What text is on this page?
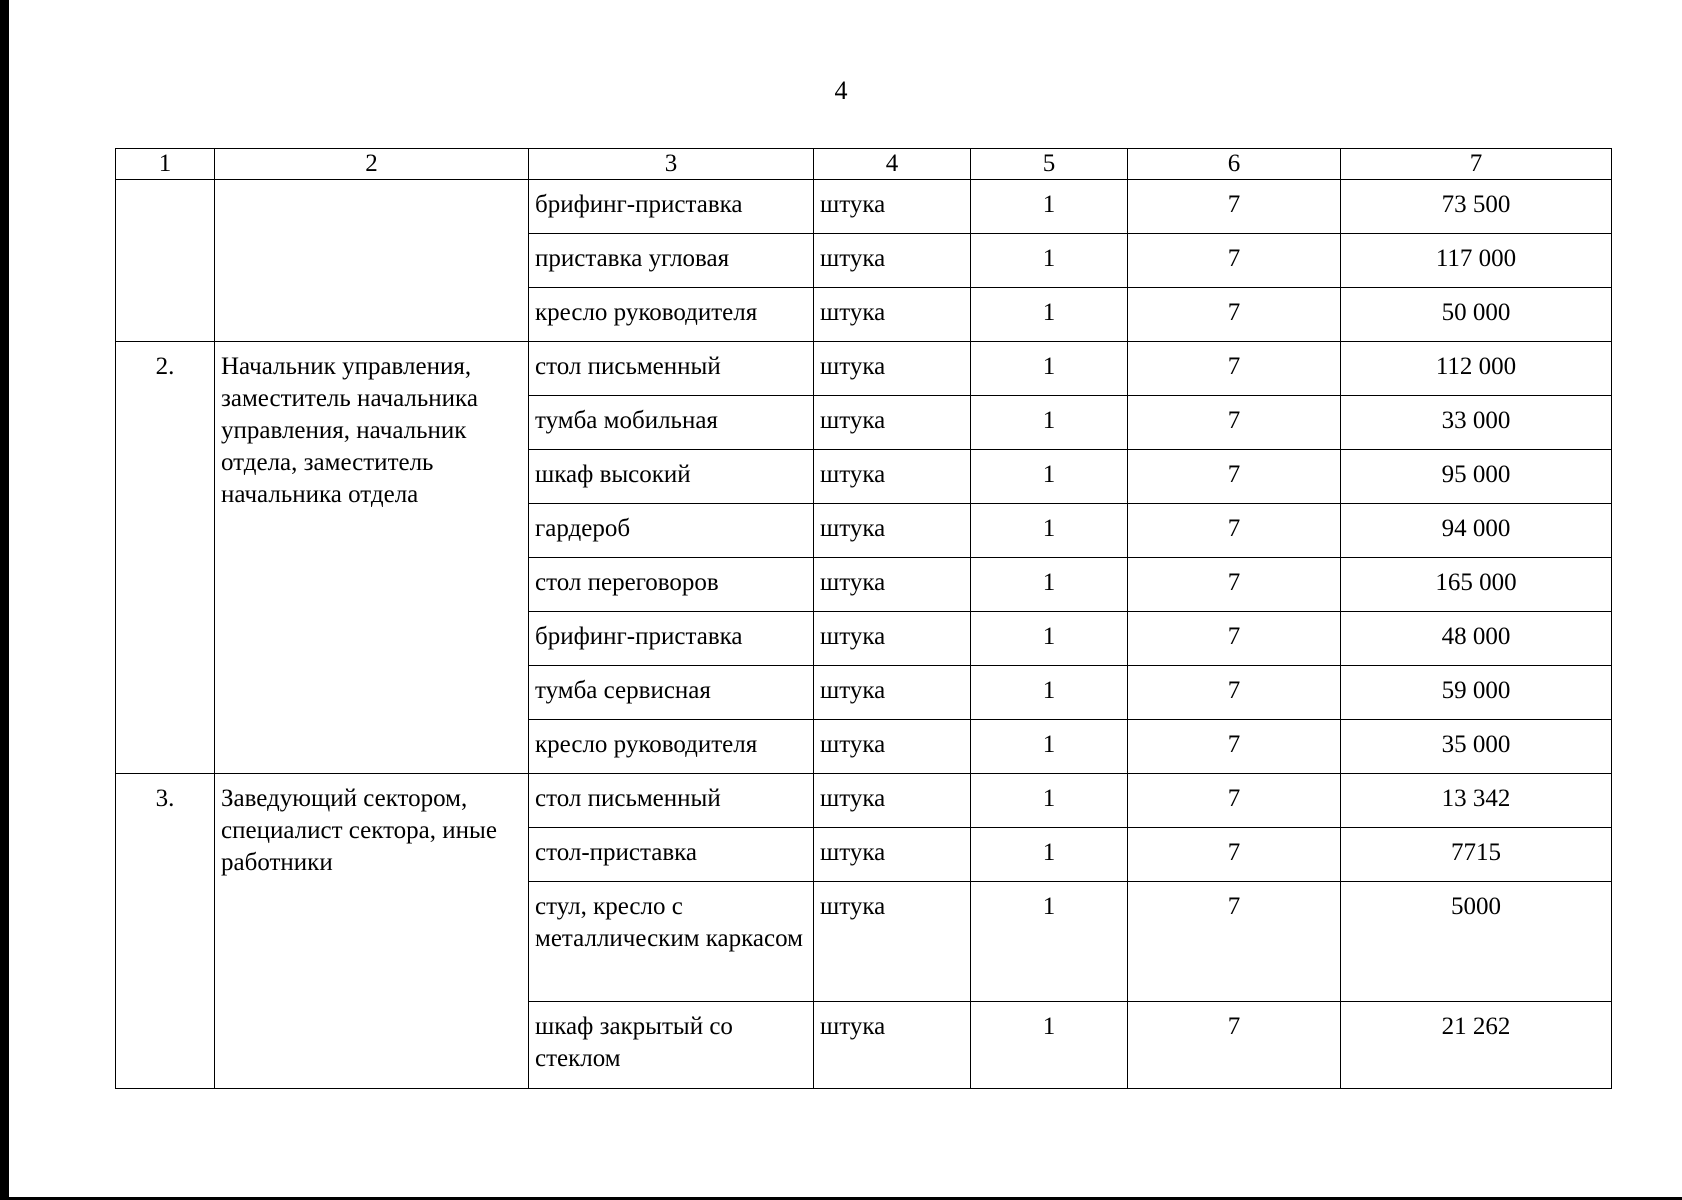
4
1	2	3	4	5	6	7
		брифинг-приставка	штука	1	7	73 500
		приставка угловая	штука	1	7	117 000
		кресло руководителя	штука	1	7	50 000
2.	Начальник управления, заместитель начальника управления, начальник отдела, заместитель начальника отдела	стол письменный	штука	1	7	112 000
		тумба мобильная	штука	1	7	33 000
		шкаф высокий	штука	1	7	95 000
		гардероб	штука	1	7	94 000
		стол переговоров	штука	1	7	165 000
		брифинг-приставка	штука	1	7	48 000
		тумба сервисная	штука	1	7	59 000
		кресло руководителя	штука	1	7	35 000
3.	Заведующий сектором, специалист сектора, иные работники	стол письменный	штука	1	7	13 342
		стол-приставка	штука	1	7	7715
		стул, кресло с металлическим каркасом	штука	1	7	5000
		шкаф закрытый со стеклом	штука	1	7	21 262
